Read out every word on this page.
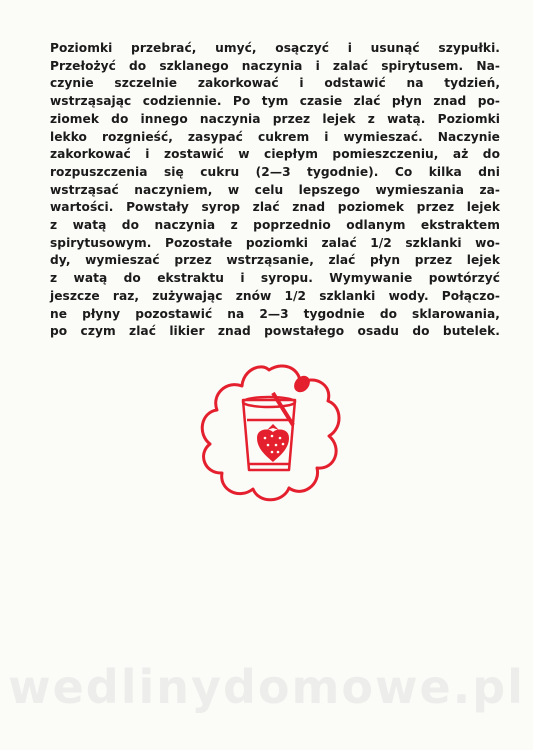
Poziomki przebrać, umyć, osączyć i usunąć szypułki.
Przełożyć do szklanego naczynia i zalać spirytusem. Na-
czynie szczelnie zakorkować i odstawić na tydzień,
wstrząsając codziennie. Po tym czasie zlać płyn znad po-
ziomek do innego naczynia przez lejek z watą. Poziomki
lekko rozgnieść, zasypać cukrem i wymieszać. Naczynie
zakorkować i zostawić w ciepłym pomieszczeniu, aż do
rozpuszczenia się cukru (2—3 tygodnie). Co kilka dni
wstrząsać naczyniem, w celu lepszego wymieszania za-
wartości. Powstały syrop zlać znad poziomek przez lejek
z watą do naczynia z poprzednio odlanym ekstraktem
spirytusowym. Pozostałe poziomki zalać 1/2 szklanki wo-
dy, wymieszać przez wstrząsanie, zlać płyn przez lejek
z watą do ekstraktu i syropu. Wymywanie powtórzyć
jeszcze raz, zużywając znów 1/2 szklanki wody. Połączo-
ne płyny pozostawić na 2—3 tygodnie do sklarowania,
po czym zlać likier znad powstałego osadu do butelek.
wedlinydomowe.pl
